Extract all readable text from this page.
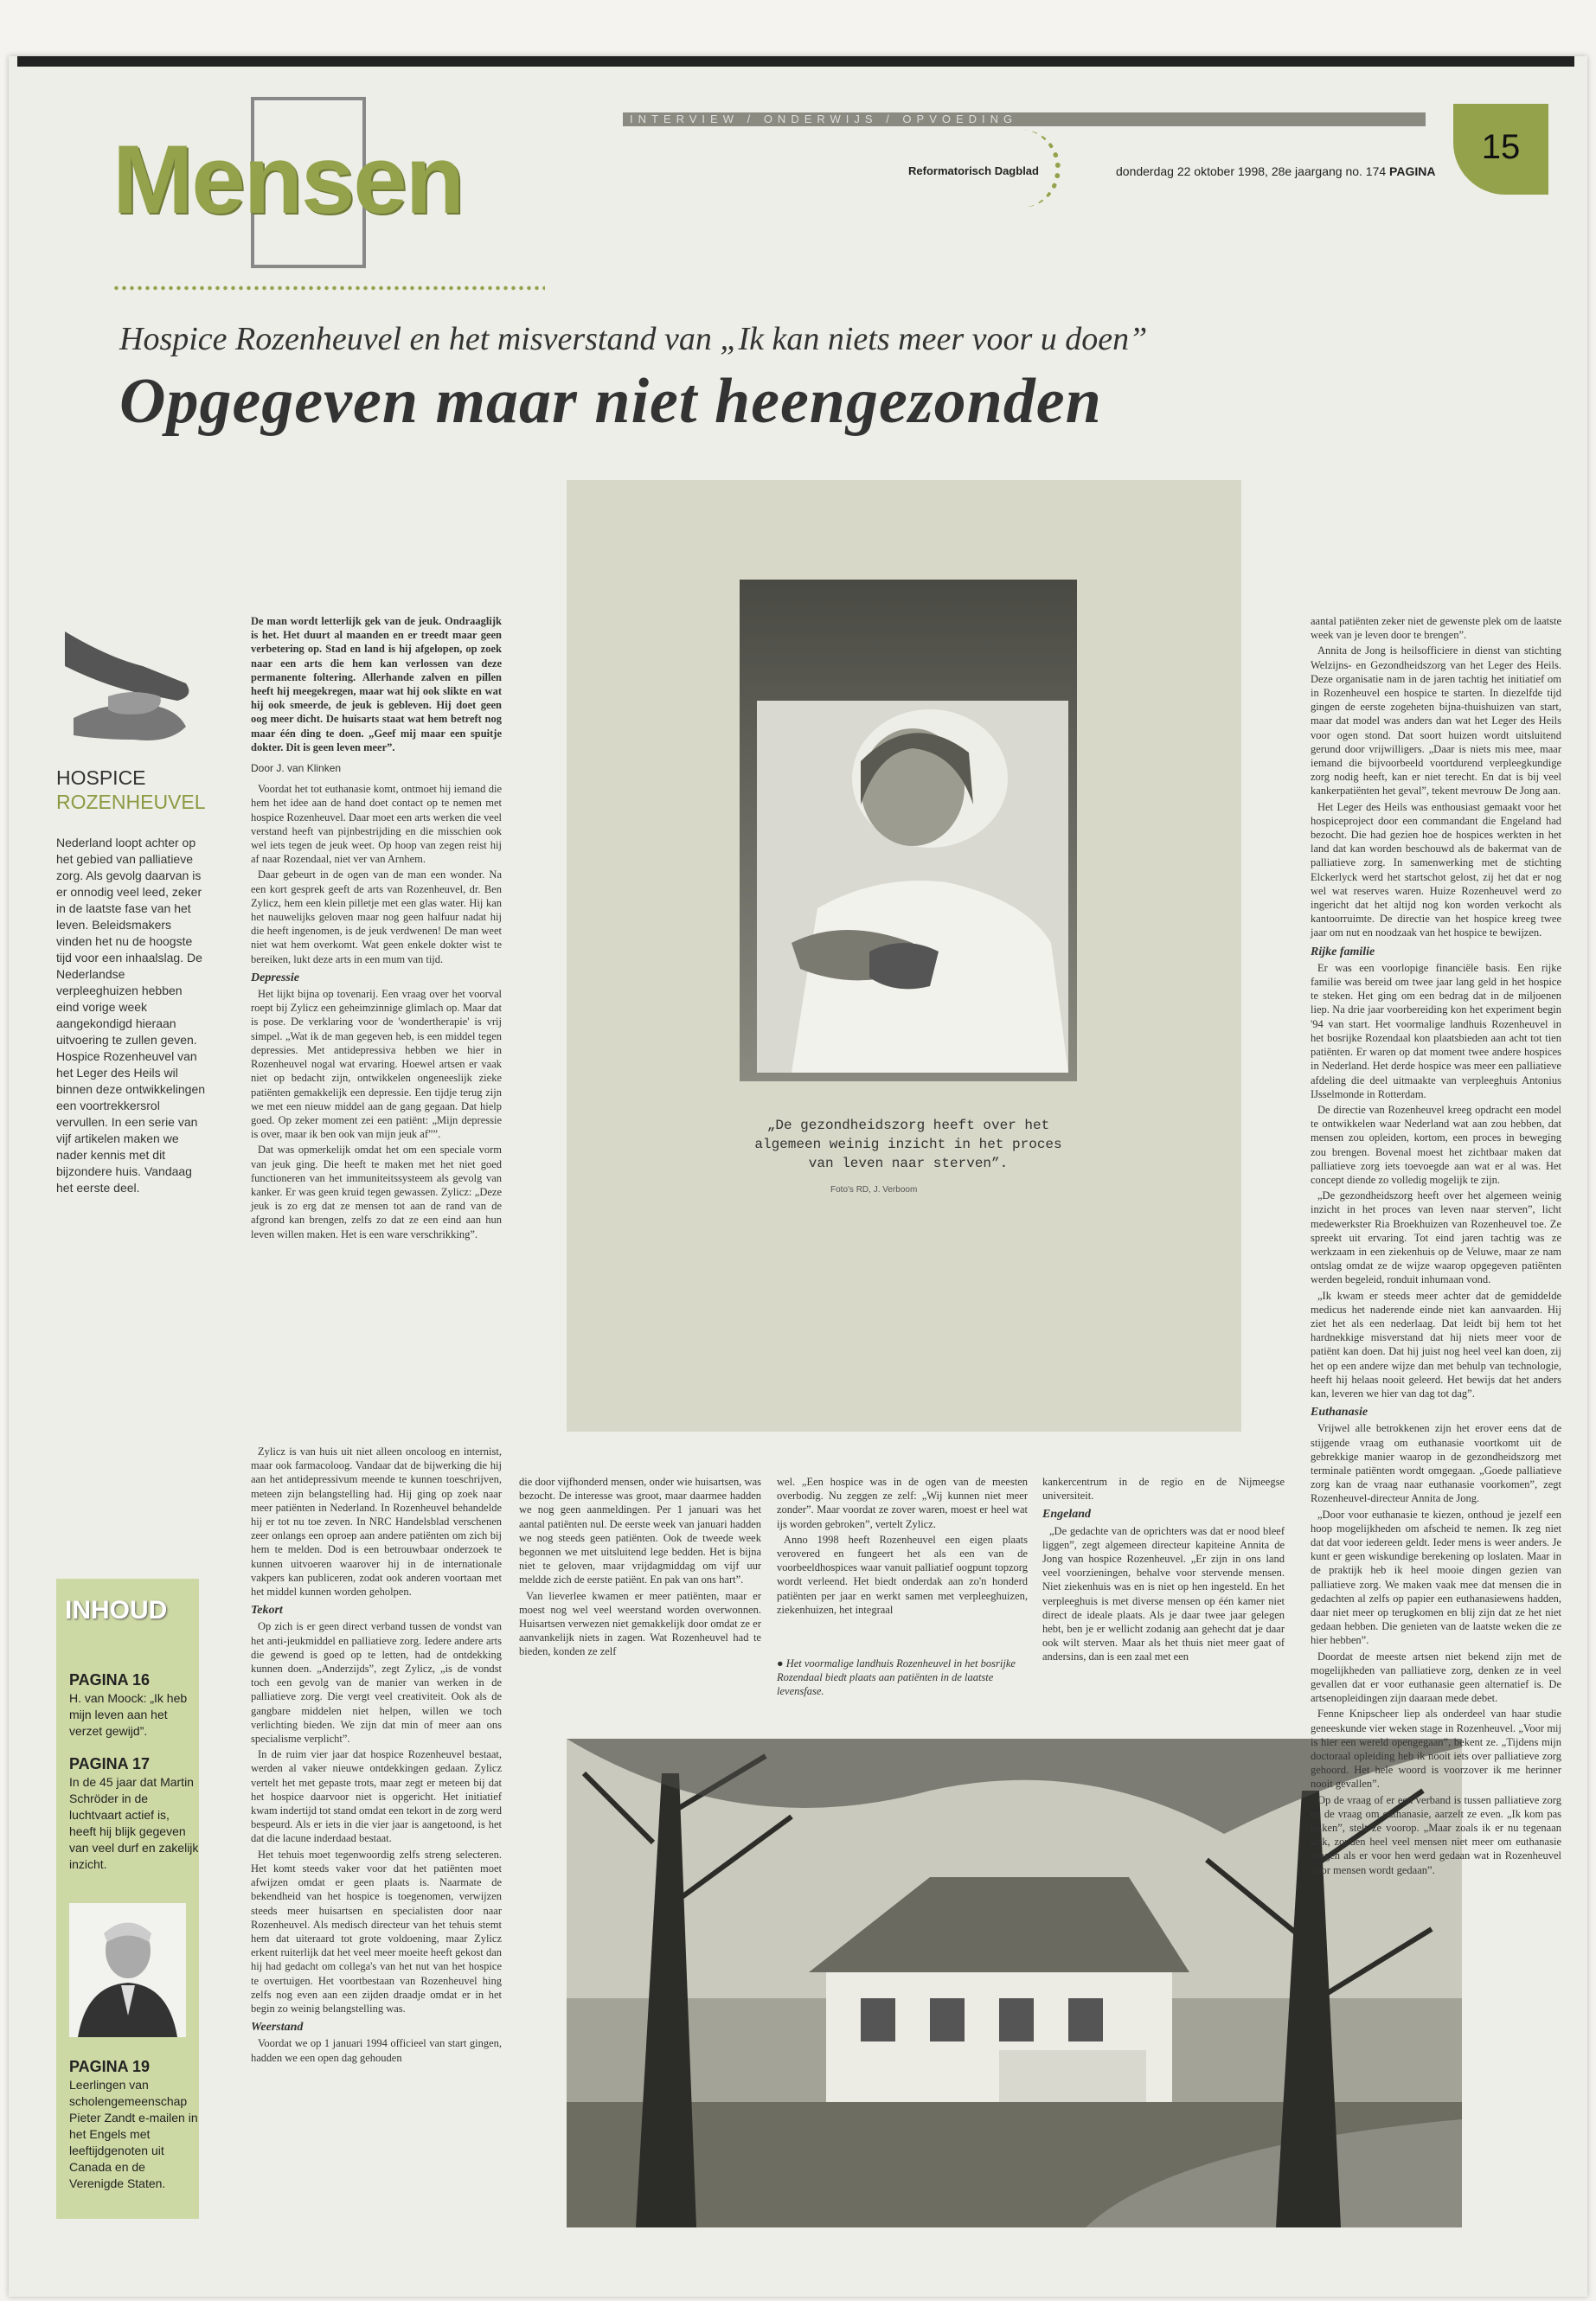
INTERVIEW / ONDERWIJS / OPVOEDING
Mensen	Reformatorisch Dagblad	donderdag 22 oktober 1998, 28e jaargang no. 174 PAGINA
15
Hospice Rozenheuvel en het misverstand van „Ik kan niets meer voor u doen”
Opgegeven maar niet heengezonden
HOSPICE
ROZENHEUVEL
Nederland loopt achter op het gebied van palliatieve zorg. Als gevolg daarvan is er onnodig veel leed, zeker in de laatste fase van het leven. Beleidsmakers vinden het nu de hoogste tijd voor een inhaalslag. De Nederlandse verpleeghuizen hebben eind vorige week aangekondigd hieraan uitvoering te zullen geven. Hospice Rozenheuvel van het Leger des Heils wil binnen deze ontwikkelingen een voortrekkersrol vervullen. In een serie van vijf artikelen maken we nader kennis met dit bijzondere huis. Vandaag het eerste deel.
INHOUD
PAGINA 16
H. van Moock: „Ik heb mijn leven aan het verzet gewijd”.
PAGINA 17
In de 45 jaar dat Martin Schröder in de luchtvaart actief is, heeft hij blijk gegeven van veel durf en zakelijk inzicht.
PAGINA 19
Leerlingen van scholengemeenschap Pieter Zandt e-mailen in het Engels met leeftijdgenoten uit Canada en de Verenigde Staten.
„De gezondheidszorg heeft over het algemeen weinig inzicht in het proces van leven naar sterven”.
Foto's RD, J. Verboom

De man wordt letterlijk gek van de jeuk. Ondraaglijk is het. Het duurt al maanden en er treedt maar geen verbetering op. Stad en land is hij afgelopen, op zoek naar een arts die hem kan verlossen van deze permanente foltering. Allerhande zalven en pillen heeft hij meegekregen, maar wat hij ook slikte en wat hij ook smeerde, de jeuk is gebleven. Hij doet geen oog meer dicht. De huisarts staat wat hem betreft nog maar één ding te doen. „Geef mij maar een spuitje dokter. Dit is geen leven meer”.

Door J. van Klinken

Voordat het tot euthanasie komt, ontmoet hij iemand die hem het idee aan de hand doet contact op te nemen met hospice Rozenheuvel. Daar moet een arts werken die veel verstand heeft van pijnbestrijding en die misschien ook wel iets tegen de jeuk weet. Op hoop van zegen reist hij af naar Rozendaal, niet ver van Arnhem.

Daar gebeurt in de ogen van de man een wonder. Na een kort gesprek geeft de arts van Rozenheuvel, dr. Ben Zylicz, hem een klein pilletje met een glas water. Hij kan het nauwelijks geloven maar nog geen halfuur nadat hij die heeft ingenomen, is de jeuk verdwenen! De man weet niet wat hem overkomt. Wat geen enkele dokter wist te bereiken, lukt deze arts in een mum van tijd.

Depressie

Het lijkt bijna op tovenarij. Een vraag over het voorval roept bij Zylicz een geheimzinnige glimlach op. Maar dat is pose. De verklaring voor de 'wondertherapie' is vrij simpel. „Wat ik de man gegeven heb, is een middel tegen depressies. Met antidepressiva hebben we hier in Rozenheuvel nogal wat ervaring. Hoewel artsen er vaak niet op bedacht zijn, ontwikkelen ongeneeslijk zieke patiënten gemakkelijk een depressie. Een tijdje terug zijn we met een nieuw middel aan de gang gegaan. Dat hielp goed. Op zeker moment zei een patiënt: „Mijn depressie is over, maar ik ben ook van mijn jeuk af””.

Dat was opmerkelijk omdat het om een speciale vorm van jeuk ging. Die heeft te maken met het niet goed functioneren van het immuniteitssysteem als gevolg van kanker. Er was geen kruid tegen gewassen. Zylicz: „Deze jeuk is zo erg dat ze mensen tot aan de rand van de afgrond kan brengen, zelfs zo dat ze een eind aan hun leven willen maken. Het is een ware verschrikking”.

Zylicz is van huis uit niet alleen oncoloog en internist, maar ook farmacoloog. Vandaar dat de bijwerking die hij aan het antidepressivum meende te kunnen toeschrijven, meteen zijn belangstelling had. Hij ging op zoek naar meer patiënten in Nederland. In Rozenheuvel behandelde hij er tot nu toe zeven. In NRC Handelsblad verschenen zeer onlangs een oproep aan andere patiënten om zich bij hem te melden. Dod is een betrouwbaar onderzoek te kunnen uitvoeren waarover hij in de internationale vakpers kan publiceren, zodat ook anderen voortaan met het middel kunnen worden geholpen.

Tekort

Op zich is er geen direct verband tussen de vondst van het anti-jeukmiddel en palliatieve zorg. Iedere andere arts die gewend is goed op te letten, had de ontdekking kunnen doen. „Anderzijds”, zegt Zylicz, „is de vondst toch een gevolg van de manier van werken in de palliatieve zorg. Die vergt veel creativiteit. Ook als de gangbare middelen niet helpen, willen we toch verlichting bieden. We zijn dat min of meer aan ons specialisme verplicht”.

In de ruim vier jaar dat hospice Rozenheuvel bestaat, werden al vaker nieuwe ontdekkingen gedaan. Zylicz vertelt het met gepaste trots, maar zegt er meteen bij dat het hospice daarvoor niet is opgericht. Het initiatief kwam indertijd tot stand omdat een tekort in de zorg werd bespeurd. Als er iets in die vier jaar is aangetoond, is het dat die lacune inderdaad bestaat.

Het tehuis moet tegenwoordig zelfs streng selecteren. Het komt steeds vaker voor dat het patiënten moet afwijzen omdat er geen plaats is. Naarmate de bekendheid van het hospice is toegenomen, verwijzen steeds meer huisartsen en specialisten door naar Rozenheuvel. Als medisch directeur van het tehuis stemt hem dat uiteraard tot grote voldoening, maar Zylicz erkent ruiterlijk dat het veel meer moeite heeft gekost dan hij had gedacht om collega's van het nut van het hospice te overtuigen. Het voortbestaan van Rozenheuvel hing zelfs nog even aan een zijden draadje omdat er in het begin zo weinig belangstelling was.

Weerstand

Voordat we op 1 januari 1994 officieel van start gingen, hadden we een open dag gehouden

die door vijfhonderd mensen, onder wie huisartsen, was bezocht. De interesse was groot, maar daarmee hadden we nog geen aanmeldingen. Per 1 januari was het aantal patiënten nul. De eerste week van januari hadden we nog steeds geen patiënten. Ook de tweede week begonnen we met uitsluitend lege bedden. Het is bijna niet te geloven, maar vrijdagmiddag om vijf uur meldde zich de eerste patiënt. En pak van ons hart”.

Van lieverlee kwamen er meer patiënten, maar er moest nog wel veel weerstand worden overwonnen. Huisartsen verwezen niet gemakkelijk door omdat ze er aanvankelijk niets in zagen. Wat Rozenheuvel had te bieden, konden ze zelf

wel. „Een hospice was in de ogen van de meesten overbodig. Nu zeggen ze zelf: „Wij kunnen niet meer zonder”. Maar voordat ze zover waren, moest er heel wat ijs worden gebroken”, vertelt Zylicz.

Anno 1998 heeft Rozenheuvel een eigen plaats verovered en fungeert het als een van de voorbeeldhospices waar vanuit palliatief oogpunt topzorg wordt verleend. Het biedt onderdak aan zo'n honderd patiënten per jaar en werkt samen met verpleeghuizen, ziekenhuizen, het integraal

● Het voormalige landhuis Rozenheuvel in het bosrijke Rozendaal biedt plaats aan patiënten in de laatste levensfase.

kankercentrum in de regio en de Nijmeegse universiteit.

Engeland

„De gedachte van de oprichters was dat er nood bleef liggen”, zegt algemeen directeur kapiteine Annita de Jong van hospice Rozenheuvel. „Er zijn in ons land veel voorzieningen, behalve voor stervende mensen. Niet ziekenhuis was en is niet op hen ingesteld. En het verpleeghuis is met diverse mensen op één kamer niet direct de ideale plaats. Als je daar twee jaar gelegen hebt, ben je er wellicht zodanig aan gehecht dat je daar ook wilt sterven. Maar als het thuis niet meer gaat of andersins, dan is een zaal met een

aantal patiënten zeker niet de gewenste plek om de laatste week van je leven door te brengen”.

Annita de Jong is heilsofficiere in dienst van stichting Welzijns- en Gezondheidszorg van het Leger des Heils. Deze organisatie nam in de jaren tachtig het initiatief om in Rozenheuvel een hospice te starten. In diezelfde tijd gingen de eerste zogeheten bijna-thuishuizen van start, maar dat model was anders dan wat het Leger des Heils voor ogen stond. Dat soort huizen wordt uitsluitend gerund door vrijwilligers. „Daar is niets mis mee, maar iemand die bijvoorbeeld voortdurend verpleegkundige zorg nodig heeft, kan er niet terecht. En dat is bij veel kankerpatiënten het geval”, tekent mevrouw De Jong aan.

Het Leger des Heils was enthousiast gemaakt voor het hospiceproject door een commandant die Engeland had bezocht. Die had gezien hoe de hospices werkten in het land dat kan worden beschouwd als de bakermat van de palliatieve zorg. In samenwerking met de stichting Elckerlyck werd het startschot gelost, zij het dat er nog wel wat reserves waren. Huize Rozenheuvel werd zo ingericht dat het altijd nog kon worden verkocht als kantoorruimte. De directie van het hospice kreeg twee jaar om nut en noodzaak van het hospice te bewijzen.

Rijke familie

Er was een voorlopige financiële basis. Een rijke familie was bereid om twee jaar lang geld in het hospice te steken. Het ging om een bedrag dat in de miljoenen liep. Na drie jaar voorbereiding kon het experiment begin '94 van start. Het voormalige landhuis Rozenheuvel in het bosrijke Rozendaal kon plaatsbieden aan acht tot tien patiënten. Er waren op dat moment twee andere hospices in Nederland. Het derde hospice was meer een palliatieve afdeling die deel uitmaakte van verpleeghuis Antonius IJsselmonde in Rotterdam.

De directie van Rozenheuvel kreeg opdracht een model te ontwikkelen waar Nederland wat aan zou hebben, dat mensen zou opleiden, kortom, een proces in beweging zou brengen. Bovenal moest het zichtbaar maken dat palliatieve zorg iets toevoegde aan wat er al was. Het concept diende zo volledig mogelijk te zijn.

„De gezondheidszorg heeft over het algemeen weinig inzicht in het proces van leven naar sterven”, licht medewerkster Ria Broekhuizen van Rozenheuvel toe. Ze spreekt uit ervaring. Tot eind jaren tachtig was ze werkzaam in een ziekenhuis op de Veluwe, maar ze nam ontslag omdat ze de wijze waarop opgegeven patiënten werden begeleid, ronduit inhumaan vond.

„Ik kwam er steeds meer achter dat de gemiddelde medicus het naderende einde niet kan aanvaarden. Hij ziet het als een nederlaag. Dat leidt bij hem tot het hardnekkige misverstand dat hij niets meer voor de patiënt kan doen. Dat hij juist nog heel veel kan doen, zij het op een andere wijze dan met behulp van technologie, heeft hij helaas nooit geleerd. Het bewijs dat het anders kan, leveren we hier van dag tot dag”.

Euthanasie

Vrijwel alle betrokkenen zijn het erover eens dat de stijgende vraag om euthanasie voortkomt uit de gebrekkige manier waarop in de gezondheidszorg met terminale patiënten wordt omgegaan. „Goede palliatieve zorg kan de vraag naar euthanasie voorkomen”, zegt Rozenheuvel-directeur Annita de Jong.

„Door voor euthanasie te kiezen, onthoud je jezelf een hoop mogelijkheden om afscheid te nemen. Ik zeg niet dat dat voor iedereen geldt. Ieder mens is weer anders. Je kunt er geen wiskundige berekening op loslaten. Maar in de praktijk heb ik heel mooie dingen gezien van palliatieve zorg. We maken vaak mee dat mensen die in gedachten al zelfs op papier een euthanasiewens hadden, daar niet meer op terugkomen en blij zijn dat ze het niet gedaan hebben. Die genieten van de laatste weken die ze hier hebben”.

Doordat de meeste artsen niet bekend zijn met de mogelijkheden van palliatieve zorg, denken ze in veel gevallen dat er voor euthanasie geen alternatief is. De artsenopleidingen zijn daaraan mede debet.

Fenne Knipscheer liep als onderdeel van haar studie geneeskunde vier weken stage in Rozenheuvel. „Voor mij is hier een wereld opengegaan”, bekent ze. „Tijdens mijn doctoraal opleiding heb ik nooit iets over palliatieve zorg gehoord. Het hele woord is voorzover ik me herinner nooit gevallen”.

Op de vraag of er een verband is tussen palliatieve zorg en de vraag om euthanasie, aarzelt ze even. „Ik kom pas kijken”, stelt ze voorop. „Maar zoals ik er nu tegenaan kijk, zouden heel veel mensen niet meer om euthanasie vragen als er voor hen werd gedaan wat in Rozenheuvel voor mensen wordt gedaan”.
